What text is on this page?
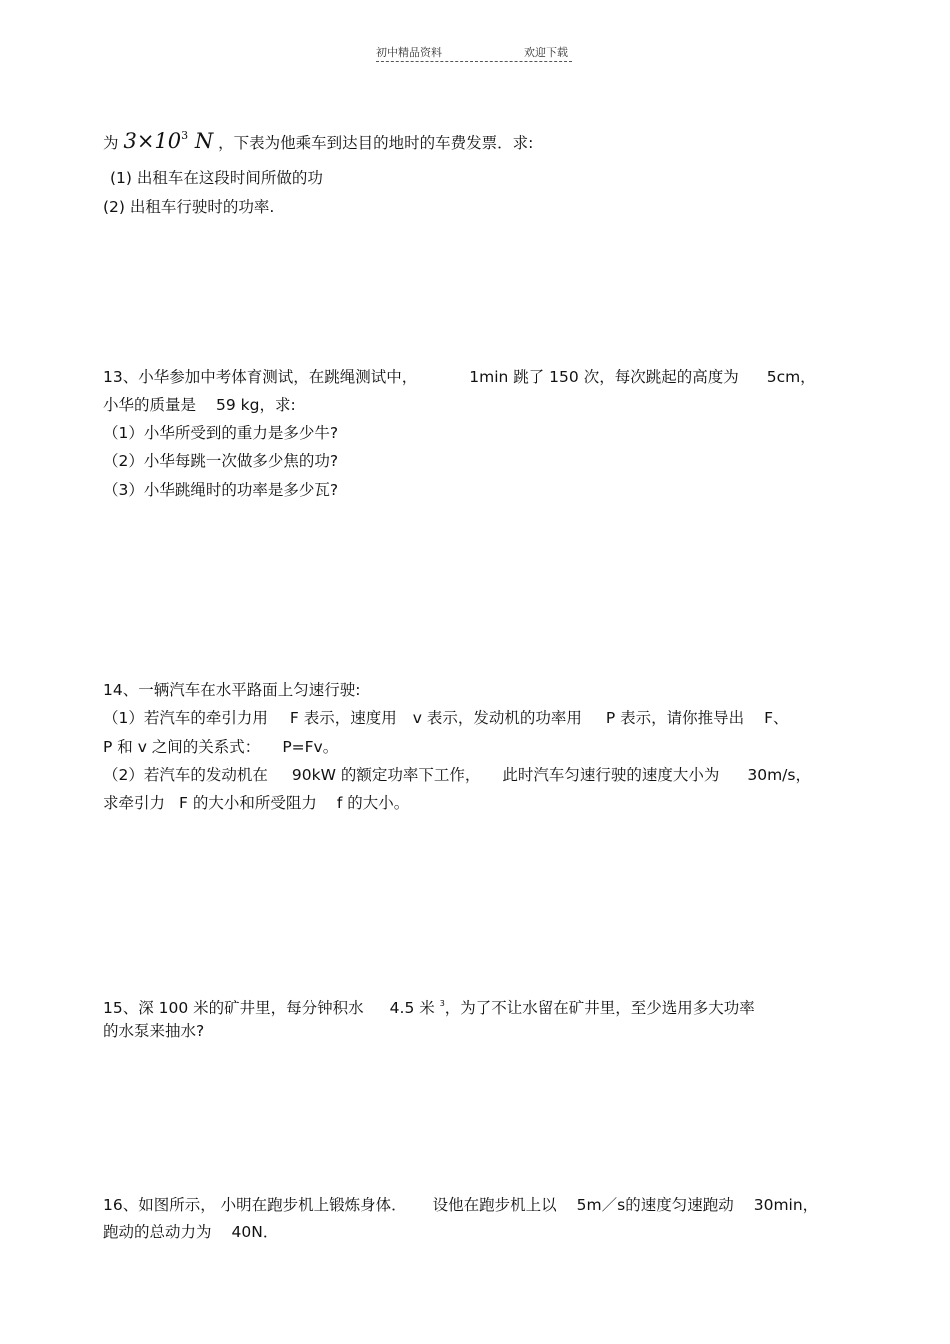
初中精品资料	欢迎下载
为 $3\times 10^3$ N ，下表为他乘车到达目的地时的车费发票．求:
(1) 出租车在这段时间所做的功
(2) 出租车行驶时的功率.
13、小华参加中考体育测试，在跳绳测试中，	1min 跳了 150 次，每次跳起的高度为 5cm，
小华的质量是 59 kg，求:
（1）小华所受到的重力是多少牛?
（2）小华每跳一次做多少焦的功?
（3）小华跳绳时的功率是多少瓦?
14、一辆汽车在水平路面上匀速行驶:
（1）若汽车的牵引力用 F 表示，速度用 v 表示，发动机的功率用 P 表示，请你推导出 F、
P 和 v 之间的关系式： P=Fv。
（2）若汽车的发动机在 90kW 的额定功率下工作， 此时汽车匀速行驶的速度大小为 30m/s，
求牵引力 F 的大小和所受阻力 f 的大小。
15、深 100 米的矿井里，每分钟积水 4.5 米 $^3$，为了不让水留在矿井里，至少选用多大功率
的水泵来抽水?
16、如图所示， 小明在跑步机上锻炼身体． 设他在跑步机上以 5m／s的速度匀速跑动 30min，
跑动的总动力为 40N．
